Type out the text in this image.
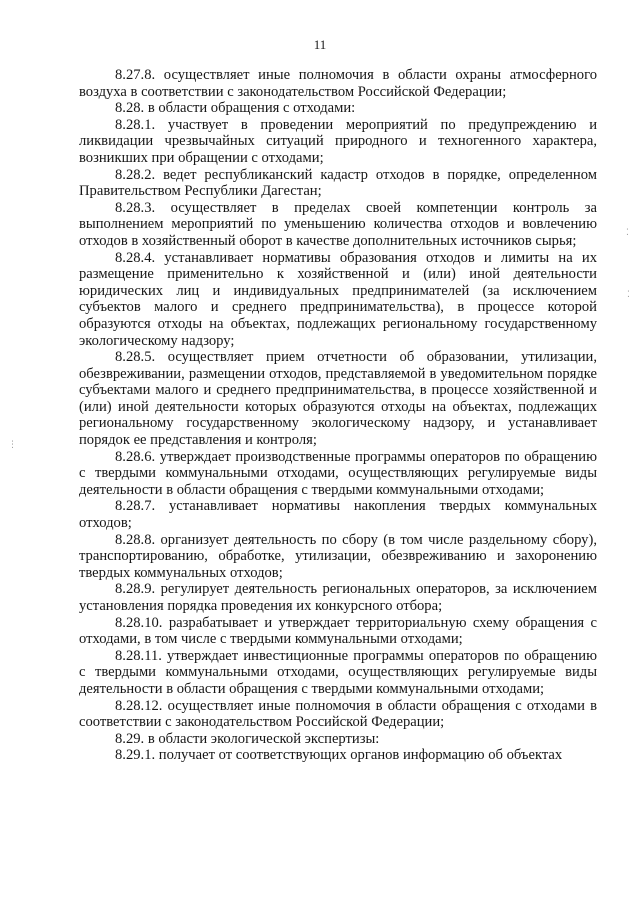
11

8.27.8. осуществляет иные полномочия в области охраны атмосферного воздуха в соответствии с законодательством Российской Федерации;

8.28. в области обращения с отходами:

8.28.1. участвует в проведении мероприятий по предупреждению и ликвидации чрезвычайных ситуаций природного и техногенного характера, возникших при обращении с отходами;

8.28.2. ведет республиканский кадастр отходов в порядке, определенном Правительством Республики Дагестан;

8.28.3. осуществляет в пределах своей компетенции контроль за выполнением мероприятий по уменьшению количества отходов и вовлечению отходов в хозяйственный оборот в качестве дополнительных источников сырья;

8.28.4. устанавливает нормативы образования отходов и лимиты на их размещение применительно к хозяйственной и (или) иной деятельности юридических лиц и индивидуальных предпринимателей (за исключением субъектов малого и среднего предпринимательства), в процессе которой образуются отходы на объектах, подлежащих региональному государственному экологическому надзору;

8.28.5. осуществляет прием отчетности об образовании, утилизации, обезвреживании, размещении отходов, представляемой в уведомительном порядке субъектами малого и среднего предпринимательства, в процессе хозяйственной и (или) иной деятельности которых образуются отходы на объектах, подлежащих региональному государственному экологическому надзору, и устанавливает порядок ее представления и контроля;

8.28.6. утверждает производственные программы операторов по обращению с твердыми коммунальными отходами, осуществляющих регулируемые виды деятельности в области обращения с твердыми коммунальными отходами;

8.28.7. устанавливает нормативы накопления твердых коммунальных отходов;

8.28.8. организует деятельность по сбору (в том числе раздельному сбору), транспортированию, обработке, утилизации, обезвреживанию и захоронению твердых коммунальных отходов;

8.28.9. регулирует деятельность региональных операторов, за исключением установления порядка проведения их конкурсного отбора;

8.28.10. разрабатывает и утверждает территориальную схему обращения с отходами, в том числе с твердыми коммунальными отходами;

8.28.11. утверждает инвестиционные программы операторов по обращению с твердыми коммунальными отходами, осуществляющих регулируемые виды деятельности в области обращения с твердыми коммунальными отходами;

8.28.12. осуществляет иные полномочия в области обращения с отходами в соответствии с законодательством Российской Федерации;

8.29. в области экологической экспертизы:

8.29.1. получает от соответствующих органов информацию об объектах

⋮
⁚
⁚
